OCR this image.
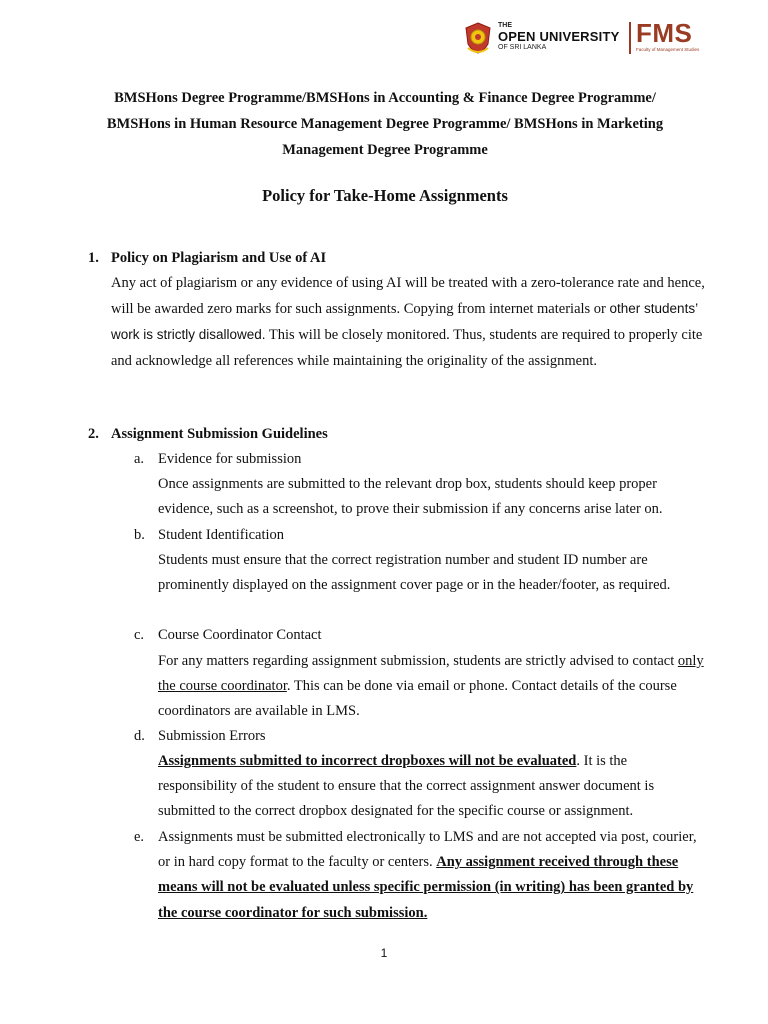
THE
OPEN UNIVERSITY
OF SRI LANKA	FMS
Faculty of Management Studies
BMSHons Degree Programme/BMSHons in Accounting & Finance Degree Programme/
BMSHons in Human Resource Management Degree Programme/ BMSHons in Marketing
Management Degree Programme
Policy for Take-Home Assignments
1. Policy on Plagiarism and Use of AI
Any act of plagiarism or any evidence of using AI will be treated with a zero-tolerance rate and hence, will be awarded zero marks for such assignments. Copying from internet materials or other students’ work is strictly disallowed. This will be closely monitored. Thus, students are required to properly cite and acknowledge all references while maintaining the originality of the assignment.
2. Assignment Submission Guidelines
a. Evidence for submission
Once assignments are submitted to the relevant drop box, students should keep proper evidence, such as a screenshot, to prove their submission if any concerns arise later on.
b. Student Identification
Students must ensure that the correct registration number and student ID number are prominently displayed on the assignment cover page or in the header/footer, as required.
c. Course Coordinator Contact
For any matters regarding assignment submission, students are strictly advised to contact only the course coordinator. This can be done via email or phone. Contact details of the course coordinators are available in LMS.
d. Submission Errors
Assignments submitted to incorrect dropboxes will not be evaluated. It is the responsibility of the student to ensure that the correct assignment answer document is submitted to the correct dropbox designated for the specific course or assignment.
e. Assignments must be submitted electronically to LMS and are not accepted via post, courier, or in hard copy format to the faculty or centers. Any assignment received through these means will not be evaluated unless specific permission (in writing) has been granted by the course coordinator for such submission.
1
